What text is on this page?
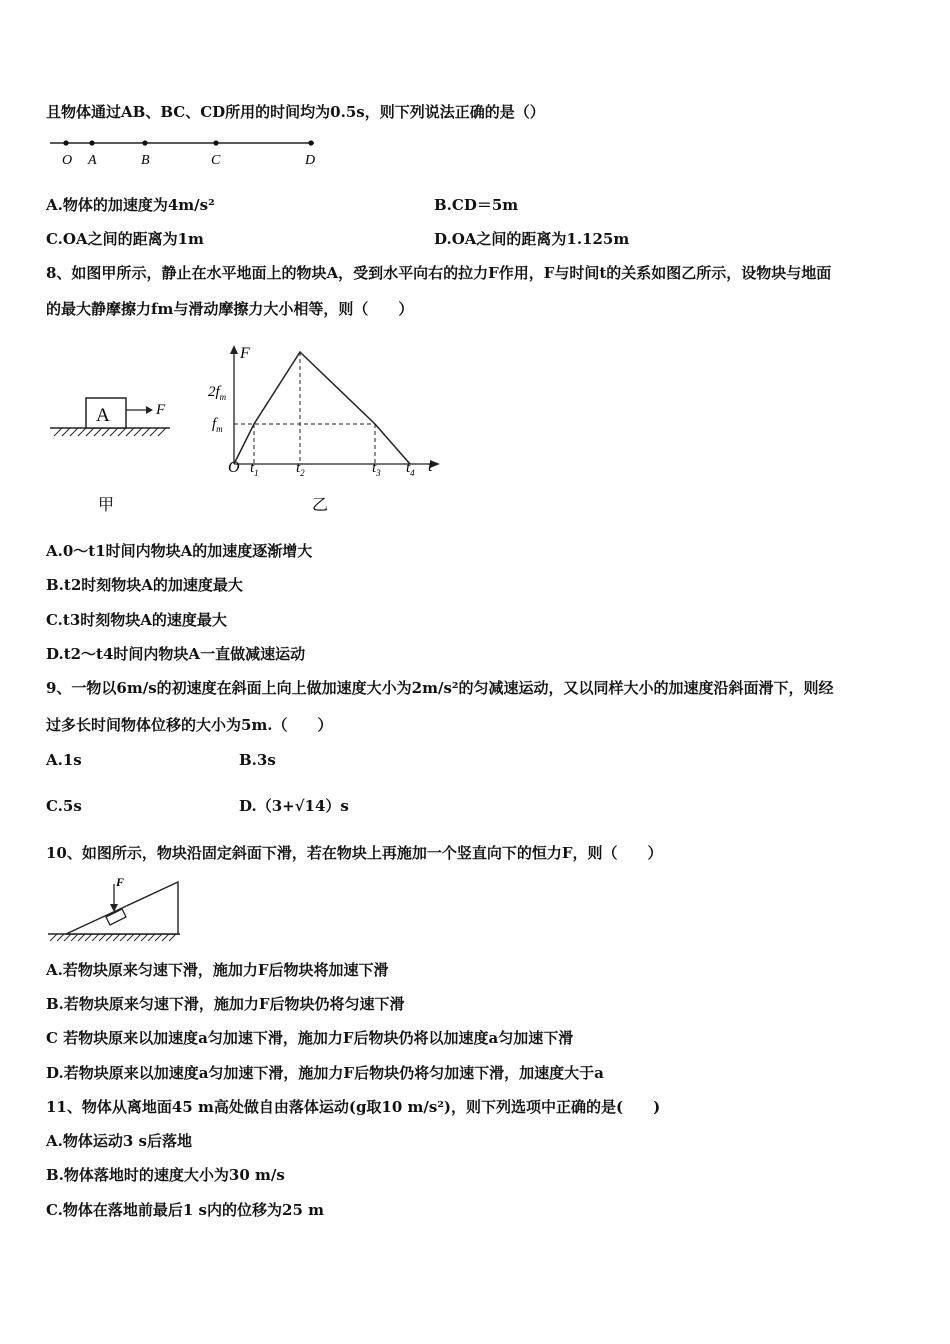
且物体通过AB、BC、CD所用的时间均为0.5s，则下列说法正确的是（）
O A	B	C	D
A.物体的加速度为4m/s²	B.CD＝5m
C.OA之间的距离为1m	D.OA之间的距离为1.125m
8、如图甲所示，静止在水平地面上的物块A，受到水平向右的拉力F作用，F与时间t的关系如图乙所示，设物块与地面
的最大静摩擦力fm与滑动摩擦力大小相等，则（　　）
A	F
甲
F
t
O
$2f_m$
$f_m$
$t_1$ $t_2$	$t_3$ $t_4$
乙
A.0～t1时间内物块A的加速度逐渐增大
B.t2时刻物块A的加速度最大
C.t3时刻物块A的速度最大
D.t2～t4时间内物块A一直做减速运动
9、一物以6m/s的初速度在斜面上向上做加速度大小为2m/s²的匀减速运动，又以同样大小的加速度沿斜面滑下，则经
过多长时间物体位移的大小为5m.（　　）
A.1s	B.3s
C.5s	D.（3+√14）s
10、如图所示，物块沿固定斜面下滑，若在物块上再施加一个竖直向下的恒力F，则（　　）
F
A.若物块原来匀速下滑，施加力F后物块将加速下滑
B.若物块原来匀速下滑，施加力F后物块仍将匀速下滑
C 若物块原来以加速度a匀加速下滑，施加力F后物块仍将以加速度a匀加速下滑
D.若物块原来以加速度a匀加速下滑，施加力F后物块仍将匀加速下滑，加速度大于a
11、物体从离地面45 m高处做自由落体运动(g取10 m/s²)，则下列选项中正确的是(　　)
A.物体运动3 s后落地
B.物体落地时的速度大小为30 m/s
C.物体在落地前最后1 s内的位移为25 m
